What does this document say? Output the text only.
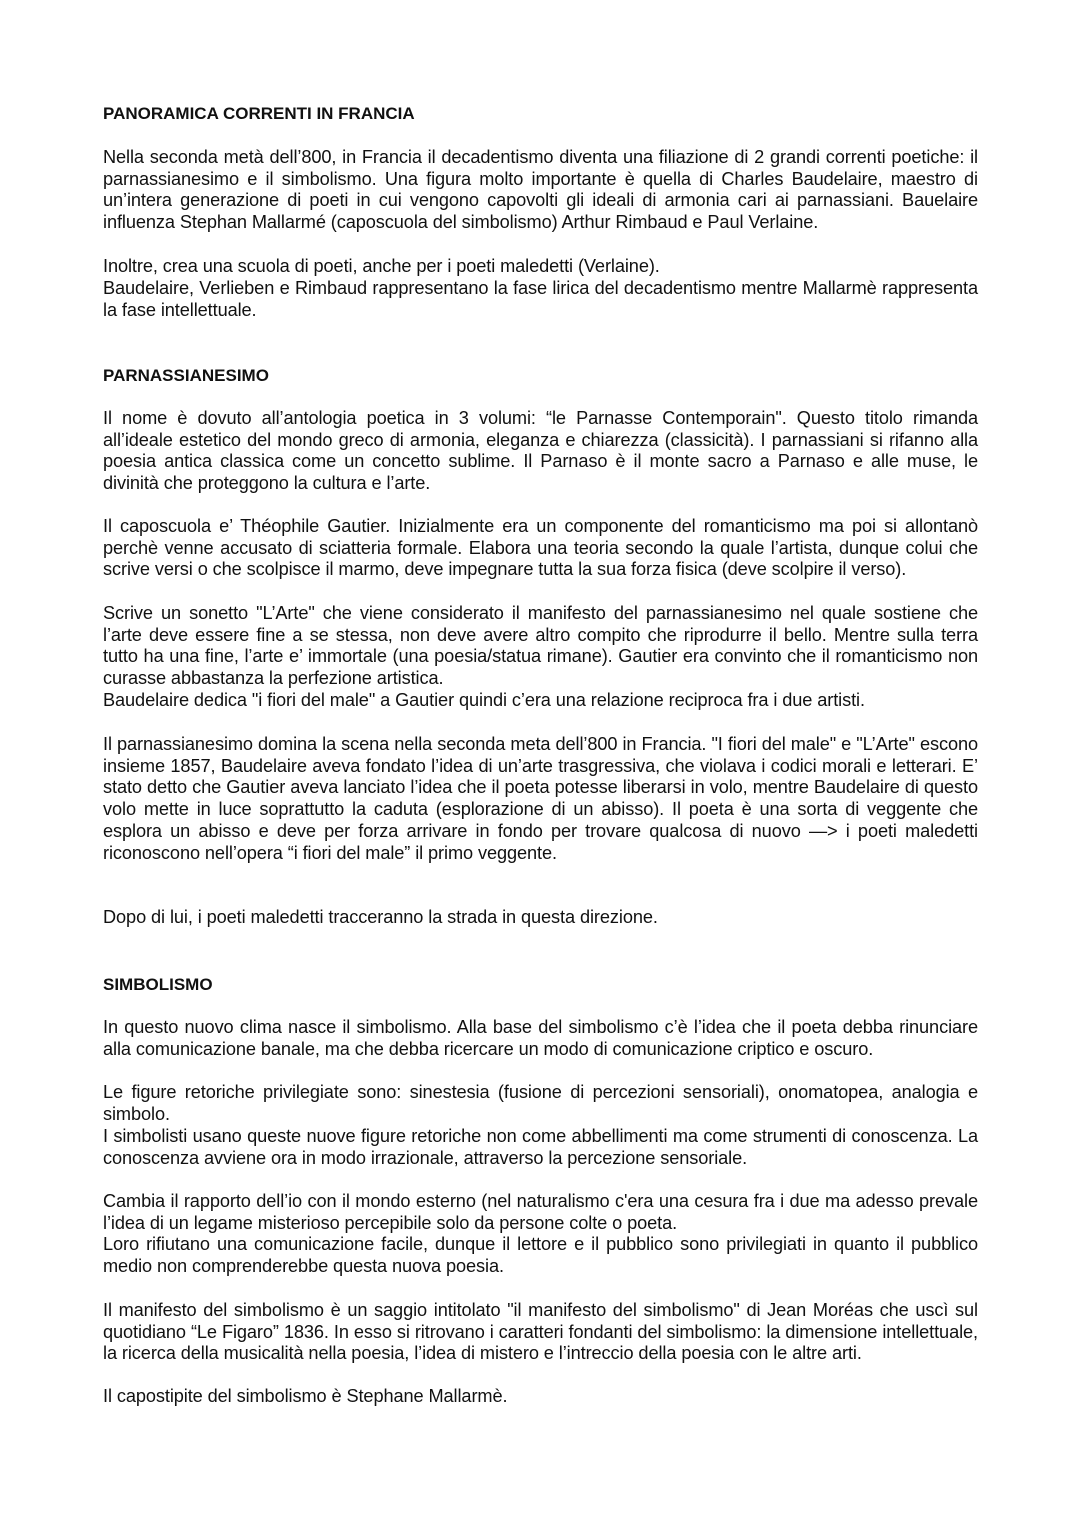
PANORAMICA CORRENTI IN FRANCIA
Nella seconda metà dell’800, in Francia il decadentismo diventa una filiazione di 2 grandi correnti poetiche: il parnassianesimo e il simbolismo. Una figura molto importante è quella di Charles Baudelaire, maestro di un’intera generazione di poeti in cui vengono capovolti gli ideali di armonia cari ai parnassiani. Bauelaire influenza Stephan Mallarmé (caposcuola del simbolismo) Arthur Rimbaud e Paul Verlaine.
Inoltre, crea una scuola di poeti, anche per i poeti maledetti (Verlaine).
Baudelaire, Verlieben e Rimbaud rappresentano la fase lirica del decadentismo mentre Mallarmè rappresenta la fase intellettuale.
PARNASSIANESIMO
Il nome è dovuto all’antologia poetica in 3 volumi: “le Parnasse Contemporain". Questo titolo rimanda all’ideale estetico del mondo greco di armonia, eleganza e chiarezza (classicità). I parnassiani si rifanno alla poesia antica classica come un concetto sublime. Il Parnaso è il monte sacro a Parnaso e alle muse, le divinità che proteggono la cultura e l’arte.
Il caposcuola e’ Théophile Gautier. Inizialmente era un componente del romanticismo ma poi si allontanò perchè venne accusato di sciatteria formale. Elabora una teoria secondo la quale l’artista, dunque colui che scrive versi o che scolpisce il marmo, deve impegnare tutta la sua forza fisica (deve scolpire il verso).
Scrive un sonetto "L’Arte" che viene considerato il manifesto del parnassianesimo nel quale sostiene che l’arte deve essere fine a se stessa, non deve avere altro compito che riprodurre il bello. Mentre sulla terra tutto ha una fine, l’arte e’ immortale (una poesia/statua rimane). Gautier era convinto che il romanticismo non curasse abbastanza la perfezione artistica.
Baudelaire dedica "i fiori del male" a Gautier quindi c’era una relazione reciproca fra i due artisti.
Il parnassianesimo domina la scena nella seconda meta dell’800 in Francia. "I fiori del male" e "L’Arte" escono insieme 1857, Baudelaire aveva fondato l’idea di un’arte trasgressiva, che violava i codici morali e letterari. E’ stato detto che Gautier aveva lanciato l’idea che il poeta potesse liberarsi in volo, mentre Baudelaire di questo volo mette in luce soprattutto la caduta (esplorazione di un abisso). Il poeta è una sorta di veggente che esplora un abisso e deve per forza arrivare in fondo per trovare qualcosa di nuovo —> i poeti maledetti riconoscono nell’opera “i fiori del male” il primo veggente.
Dopo di lui, i poeti maledetti tracceranno la strada in questa direzione.
SIMBOLISMO
In questo nuovo clima nasce il simbolismo. Alla base del simbolismo c’è l’idea che il poeta debba rinunciare alla comunicazione banale, ma che debba ricercare un modo di comunicazione criptico e oscuro.
Le figure retoriche privilegiate sono: sinestesia (fusione di percezioni sensoriali), onomatopea, analogia e simbolo.
I simbolisti usano queste nuove figure retoriche non come abbellimenti ma come strumenti di conoscenza. La conoscenza avviene ora in modo irrazionale, attraverso la percezione sensoriale.
Cambia il rapporto dell’io con il mondo esterno (nel naturalismo c'era una cesura fra i due ma adesso prevale l’idea di un legame misterioso percepibile solo da persone colte o poeta.
Loro rifiutano una comunicazione facile, dunque il lettore e il pubblico sono privilegiati in quanto il pubblico medio non comprenderebbe questa nuova poesia.
Il manifesto del simbolismo è un saggio intitolato "il manifesto del simbolismo" di Jean Moréas che uscì sul quotidiano “Le Figaro” 1836. In esso si ritrovano i caratteri fondanti del simbolismo: la dimensione intellettuale, la ricerca della musicalità nella poesia, l’idea di mistero e l’intreccio della poesia con le altre arti.
Il capostipite del simbolismo è Stephane Mallarmè.
